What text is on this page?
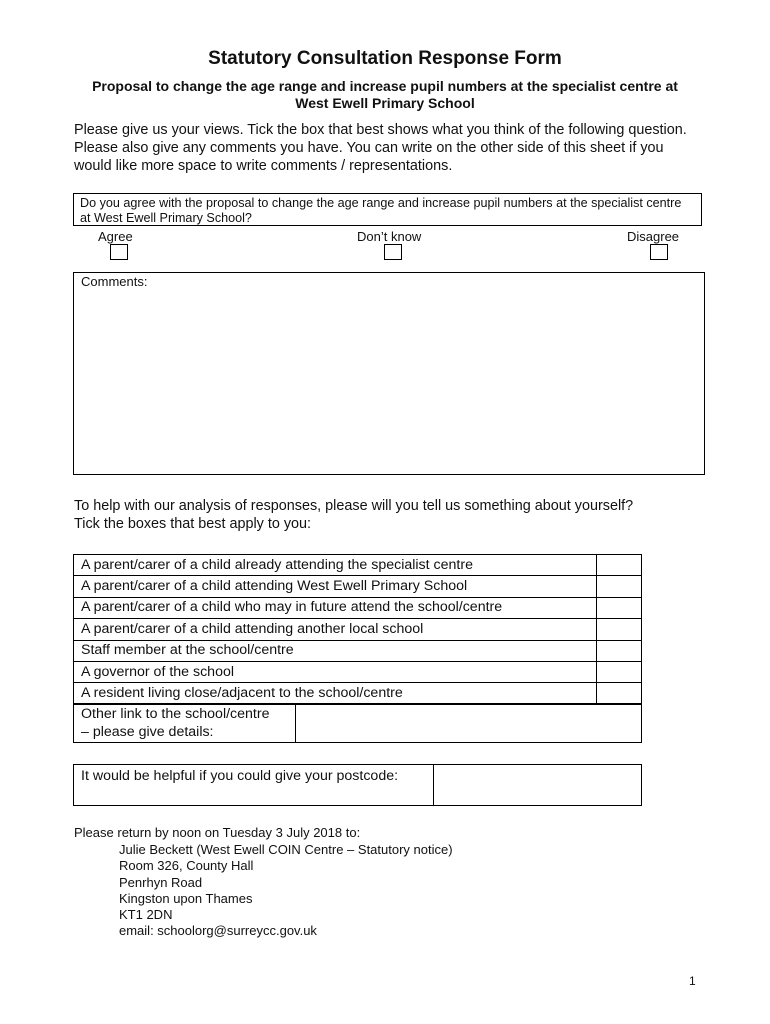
Statutory Consultation Response Form
Proposal to change the age range and increase pupil numbers at the specialist centre at West Ewell Primary School
Please give us your views. Tick the box that best shows what you think of the following question. Please also give any comments you have. You can write on the other side of this sheet if you would like more space to write comments / representations.
Do you agree with the proposal to change the age range and increase pupil numbers at the specialist centre at West Ewell Primary School?
Agree	Don’t know	Disagree
Comments:
To help with our analysis of responses, please will you tell us something about yourself?
Tick the boxes that best apply to you:
A parent/carer of a child already attending the specialist centre	
A parent/carer of a child attending West Ewell Primary School	
A parent/carer of a child who may in future attend the school/centre	
A parent/carer of a child attending another local school	
Staff member at the school/centre	
A governor of the school	
A resident living close/adjacent to the school/centre	
Other link to the school/centre
– please give details:

It would be helpful if you could give your postcode:	
Please return by noon on Tuesday 3 July 2018 to:
Julie Beckett (West Ewell COIN Centre – Statutory notice)
Room 326, County Hall
Penrhyn Road
Kingston upon Thames
KT1 2DN
email: schoolorg@surreycc.gov.uk
1
